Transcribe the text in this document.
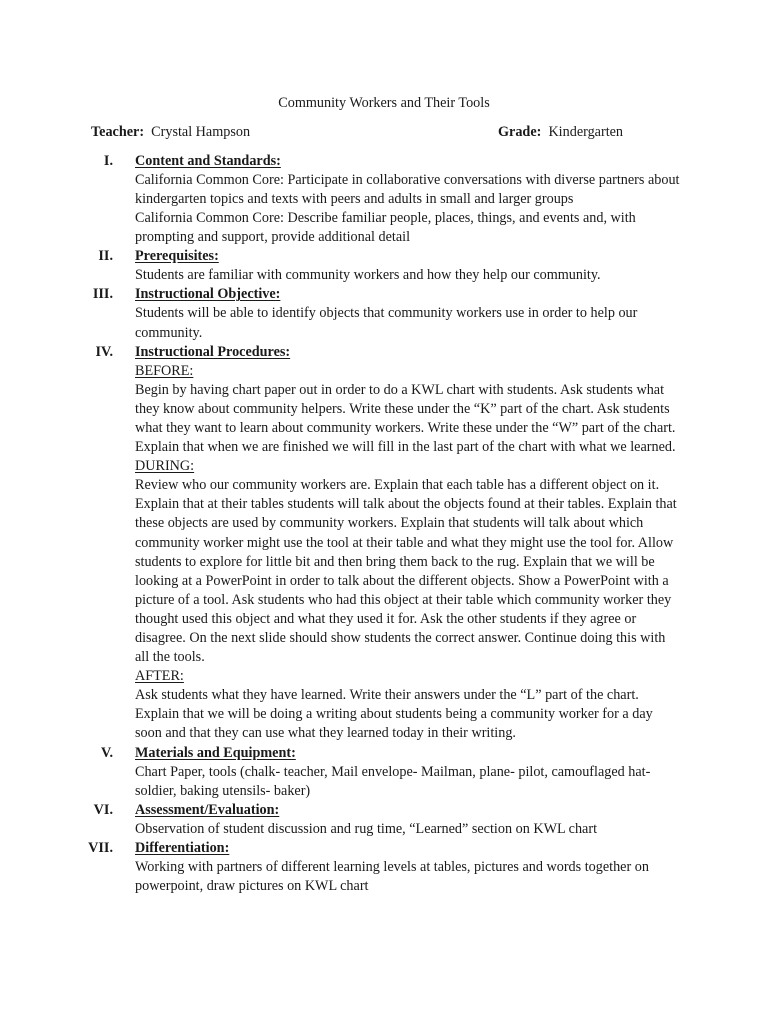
Community Workers and Their Tools
Teacher: Crystal Hampson	Grade: Kindergarten
I. Content and Standards:

California Common Core: Participate in collaborative conversations with diverse partners about kindergarten topics and texts with peers and adults in small and larger groups

California Common Core: Describe familiar people, places, things, and events and, with prompting and support, provide additional detail

II. Prerequisites:

Students are familiar with community workers and how they help our community.

III. Instructional Objective:

Students will be able to identify objects that community workers use in order to help our community.

IV. Instructional Procedures:

BEFORE:

Begin by having chart paper out in order to do a KWL chart with students. Ask students what they know about community helpers. Write these under the “K” part of the chart. Ask students what they want to learn about community workers. Write these under the “W” part of the chart. Explain that when we are finished we will fill in the last part of the chart with what we learned.

DURING:

Review who our community workers are. Explain that each table has a different object on it. Explain that at their tables students will talk about the objects found at their tables. Explain that these objects are used by community workers. Explain that students will talk about which community worker might use the tool at their table and what they might use the tool for. Allow students to explore for little bit and then bring them back to the rug. Explain that we will be looking at a PowerPoint in order to talk about the different objects. Show a PowerPoint with a picture of a tool. Ask students who had this object at their table which community worker they thought used this object and what they used it for. Ask the other students if they agree or disagree. On the next slide should show students the correct answer. Continue doing this with all the tools.

AFTER:

Ask students what they have learned. Write their answers under the “L” part of the chart. Explain that we will be doing a writing about students being a community worker for a day soon and that they can use what they learned today in their writing.

V. Materials and Equipment:

Chart Paper, tools (chalk- teacher, Mail envelope- Mailman, plane- pilot, camouflaged hat- soldier, baking utensils- baker)

VI. Assessment/Evaluation:

Observation of student discussion and rug time, “Learned” section on KWL chart

VII. Differentiation:

Working with partners of different learning levels at tables, pictures and words together on powerpoint, draw pictures on KWL chart
